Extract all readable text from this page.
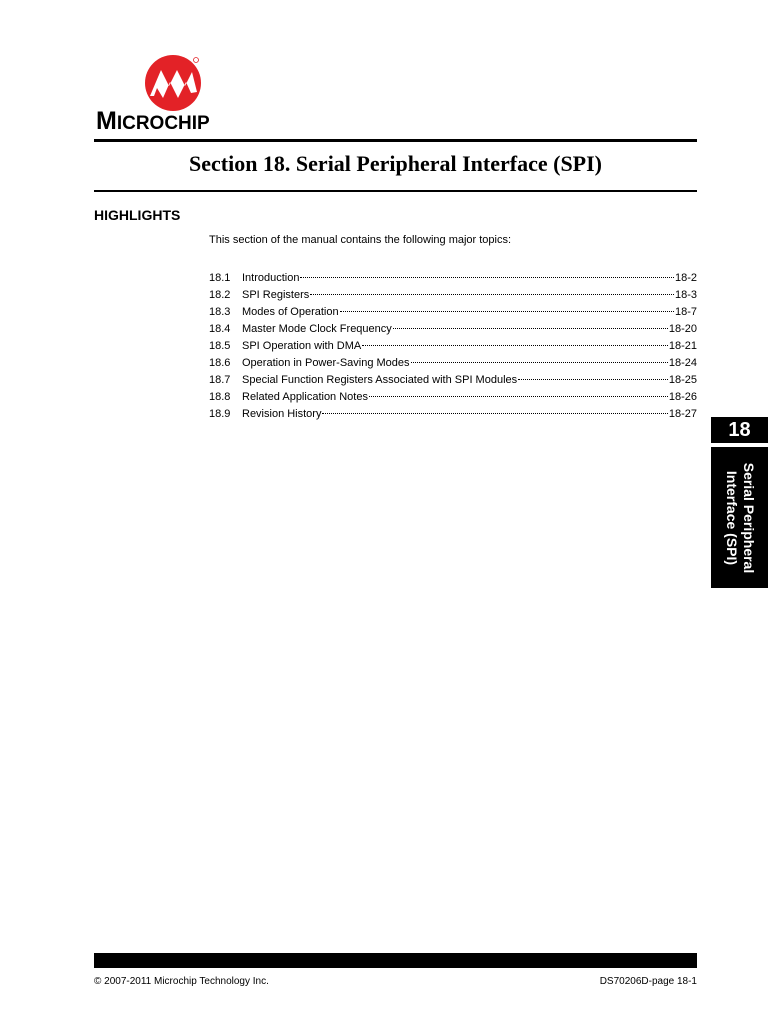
MICROCHIP
Section 18. Serial Peripheral Interface (SPI)
HIGHLIGHTS
This section of the manual contains the following major topics:
18.1	Introduction	18-2
18.2	SPI Registers	18-3
18.3	Modes of Operation	18-7
18.4	Master Mode Clock Frequency	18-20
18.5	SPI Operation with DMA	18-21
18.6	Operation in Power-Saving Modes	18-24
18.7	Special Function Registers Associated with SPI Modules	18-25
18.8	Related Application Notes	18-26
18.9	Revision History	18-27
18
Serial Peripheral
Interface (SPI)
© 2007-2011 Microchip Technology Inc.	DS70206D-page 18-1
